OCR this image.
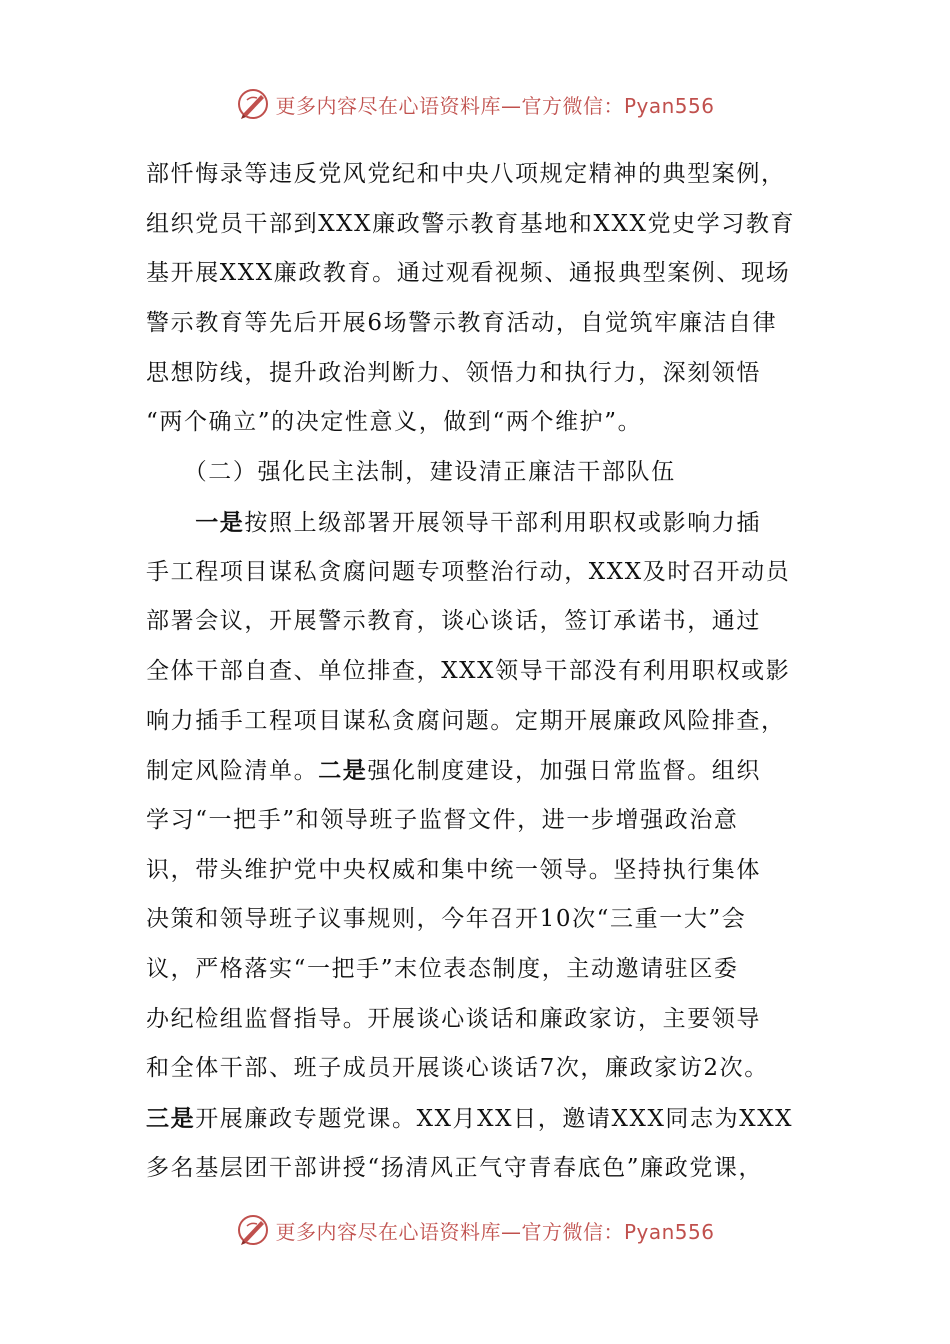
更多内容尽在心语资料库—官方微信：Pyan556
部忏悔录等违反党风党纪和中央八项规定精神的典型案例，
组织党员干部到XXX廉政警示教育基地和XXX党史学习教育
基开展XXX廉政教育。通过观看视频、通报典型案例、现场
警示教育等先后开展6场警示教育活动，自觉筑牢廉洁自律
思想防线，提升政治判断力、领悟力和执行力，深刻领悟
“两个确立”的决定性意义，做到“两个维护”。
　　（二）强化民主法制，建设清正廉洁干部队伍
　　一是按照上级部署开展领导干部利用职权或影响力插
手工程项目谋私贪腐问题专项整治行动，XXX及时召开动员
部署会议，开展警示教育，谈心谈话，签订承诺书，通过
全体干部自查、单位排查，XXX领导干部没有利用职权或影
响力插手工程项目谋私贪腐问题。定期开展廉政风险排查，
制定风险清单。二是强化制度建设，加强日常监督。组织
学习“一把手”和领导班子监督文件，进一步增强政治意
识，带头维护党中央权威和集中统一领导。坚持执行集体
决策和领导班子议事规则，今年召开10次“三重一大”会
议，严格落实“一把手”末位表态制度，主动邀请驻区委
办纪检组监督指导。开展谈心谈话和廉政家访，主要领导
和全体干部、班子成员开展谈心谈话7次，廉政家访2次。
三是开展廉政专题党课。XX月XX日，邀请XXX同志为XXX
多名基层团干部讲授“扬清风正气守青春底色”廉政党课，
更多内容尽在心语资料库—官方微信：Pyan556
